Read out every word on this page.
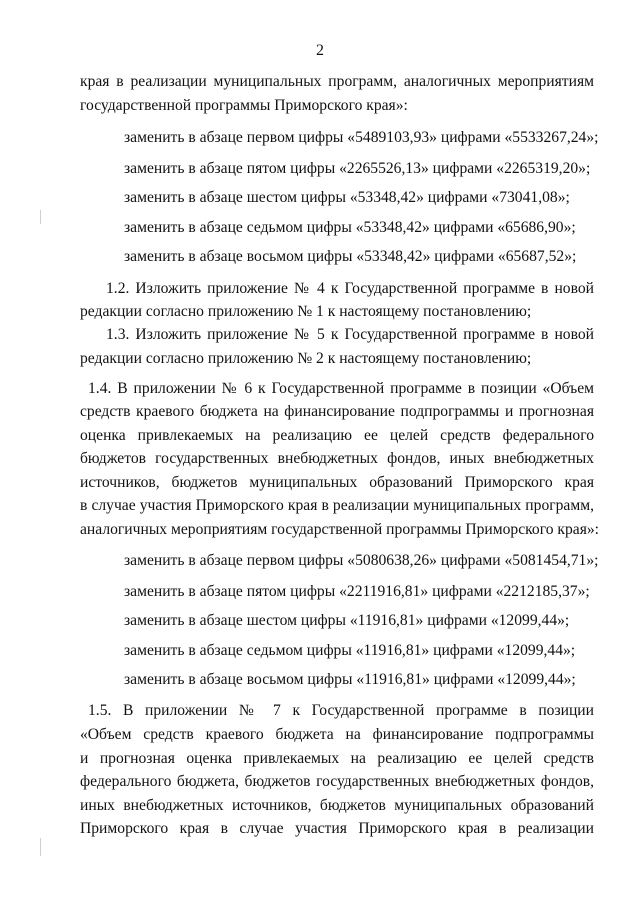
2
края в реализации муниципальных программ, аналогичных мероприятиям
государственной программы Приморского края»:
заменить в абзаце первом цифры «5489103,93» цифрами «5533267,24»;
заменить в абзаце пятом цифры «2265526,13» цифрами «2265319,20»;
заменить в абзаце шестом цифры «53348,42» цифрами «73041,08»;
заменить в абзаце седьмом цифры «53348,42» цифрами «65686,90»;
заменить в абзаце восьмом цифры «53348,42» цифрами «65687,52»;
1.2. Изложить приложение № 4 к Государственной программе в новой
редакции согласно приложению № 1 к настоящему постановлению;
1.3. Изложить приложение № 5 к Государственной программе в новой
редакции согласно приложению № 2 к настоящему постановлению;
1.4. В приложении № 6 к Государственной программе в позиции «Объем
средств краевого бюджета на финансирование подпрограммы и прогнозная
оценка привлекаемых на реализацию ее целей средств федерального
бюджетов государственных внебюджетных фондов, иных внебюджетных
источников, бюджетов муниципальных образований Приморского края
в случае участия Приморского края в реализации муниципальных программ,
аналогичных мероприятиям государственной программы Приморского края»:
заменить в абзаце первом цифры «5080638,26» цифрами «5081454,71»;
заменить в абзаце пятом цифры «2211916,81» цифрами «2212185,37»;
заменить в абзаце шестом цифры «11916,81» цифрами «12099,44»;
заменить в абзаце седьмом цифры «11916,81» цифрами «12099,44»;
заменить в абзаце восьмом цифры «11916,81» цифрами «12099,44»;
1.5. В приложении № 7 к Государственной программе в позиции
«Объем средств краевого бюджета на финансирование подпрограммы
и прогнозная оценка привлекаемых на реализацию ее целей средств
федерального бюджета, бюджетов государственных внебюджетных фондов,
иных внебюджетных источников, бюджетов муниципальных образований
Приморского края в случае участия Приморского края в реализации
